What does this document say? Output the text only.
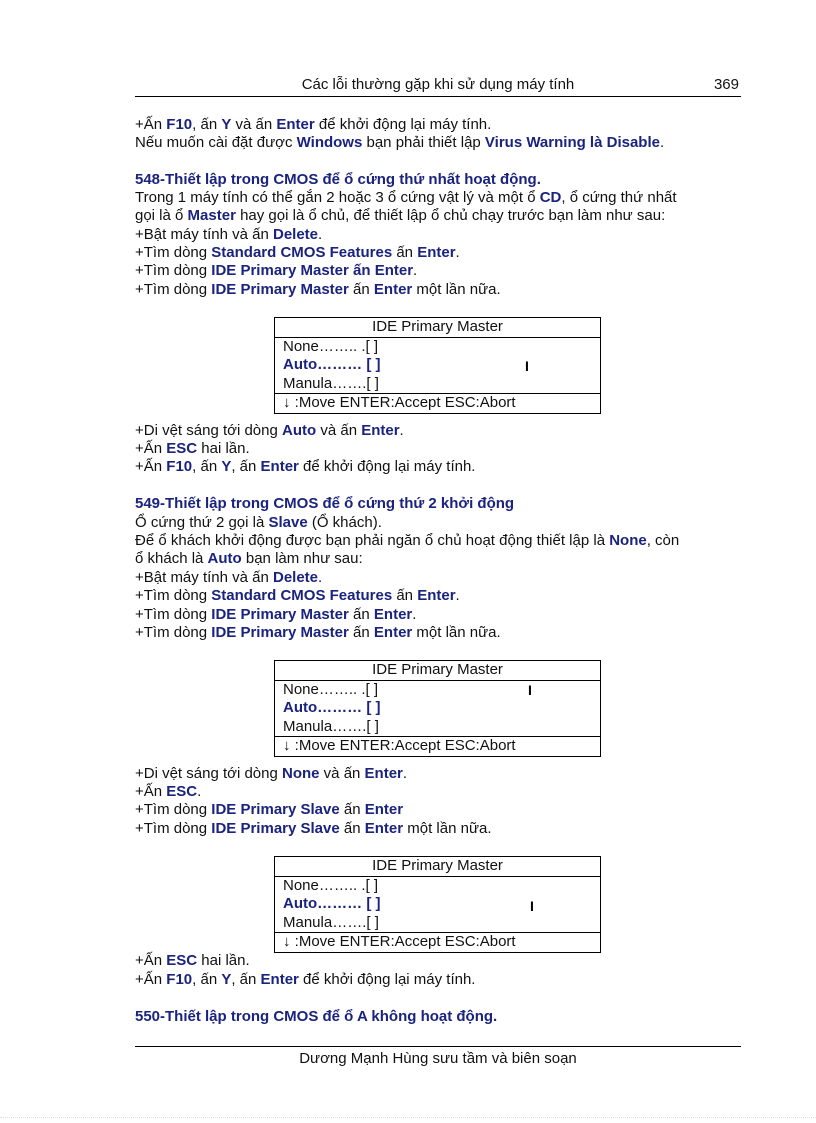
Các lỗi thường gặp khi sử dụng máy tính	369
+Ấn F10, ấn Y và ấn Enter để khởi động lại máy tính.
Nếu muốn cài đặt được Windows bạn phải thiết lập Virus Warning là Disable.
548-Thiết lập trong CMOS để ổ cứng thứ nhất hoạt động.
Trong 1 máy tính có thể gắn 2 hoặc 3 ổ cứng vật lý và một ổ CD, ổ cứng thứ nhất
gọi là ổ Master hay gọi là ổ chủ, để thiết lập ổ chủ chạy trước bạn làm như sau:
+Bật máy tính và ấn Delete.
+Tìm dòng Standard CMOS Features ấn Enter.
+Tìm dòng IDE Primary Master ấn Enter.
+Tìm dòng IDE Primary Master ấn Enter một lần nữa.
IDE Primary Master
None…….. .[ ]
Auto……… [ ]
Manula…….[ ]
↓ :Move ENTER:Accept ESC:Abort
I
+Di vệt sáng tới dòng Auto và ấn Enter.
+Ấn ESC hai lần.
+Ấn F10, ấn Y, ấn Enter để khởi động lại máy tính.
549-Thiết lập trong CMOS để ổ cứng thứ 2 khởi động
Ổ cứng thứ 2 gọi là Slave (Ổ khách).
Để ổ khách khởi động được bạn phải ngăn ổ chủ hoạt động thiết lập là None, còn
ổ khách là Auto bạn làm như sau:
+Bật máy tính và ấn Delete.
+Tìm dòng Standard CMOS Features ấn Enter.
+Tìm dòng IDE Primary Master ấn Enter.
+Tìm dòng IDE Primary Master ấn Enter một lần nữa.
IDE Primary Master
None…….. .[ ]
Auto……… [ ]
Manula…….[ ]
↓ :Move ENTER:Accept ESC:Abort
I
+Di vệt sáng tới dòng None và ấn Enter.
+Ấn ESC.
+Tìm dòng IDE Primary Slave ấn Enter
+Tìm dòng IDE Primary Slave ấn Enter một lần nữa.
IDE Primary Master
None…….. .[ ]
Auto……… [ ]
Manula…….[ ]
↓ :Move ENTER:Accept ESC:Abort
I
+Ấn ESC hai lần.
+Ấn F10, ấn Y, ấn Enter để khởi động lại máy tính.
550-Thiết lập trong CMOS để ổ A không hoạt động.
Dương Mạnh Hùng sưu tầm và biên soạn
